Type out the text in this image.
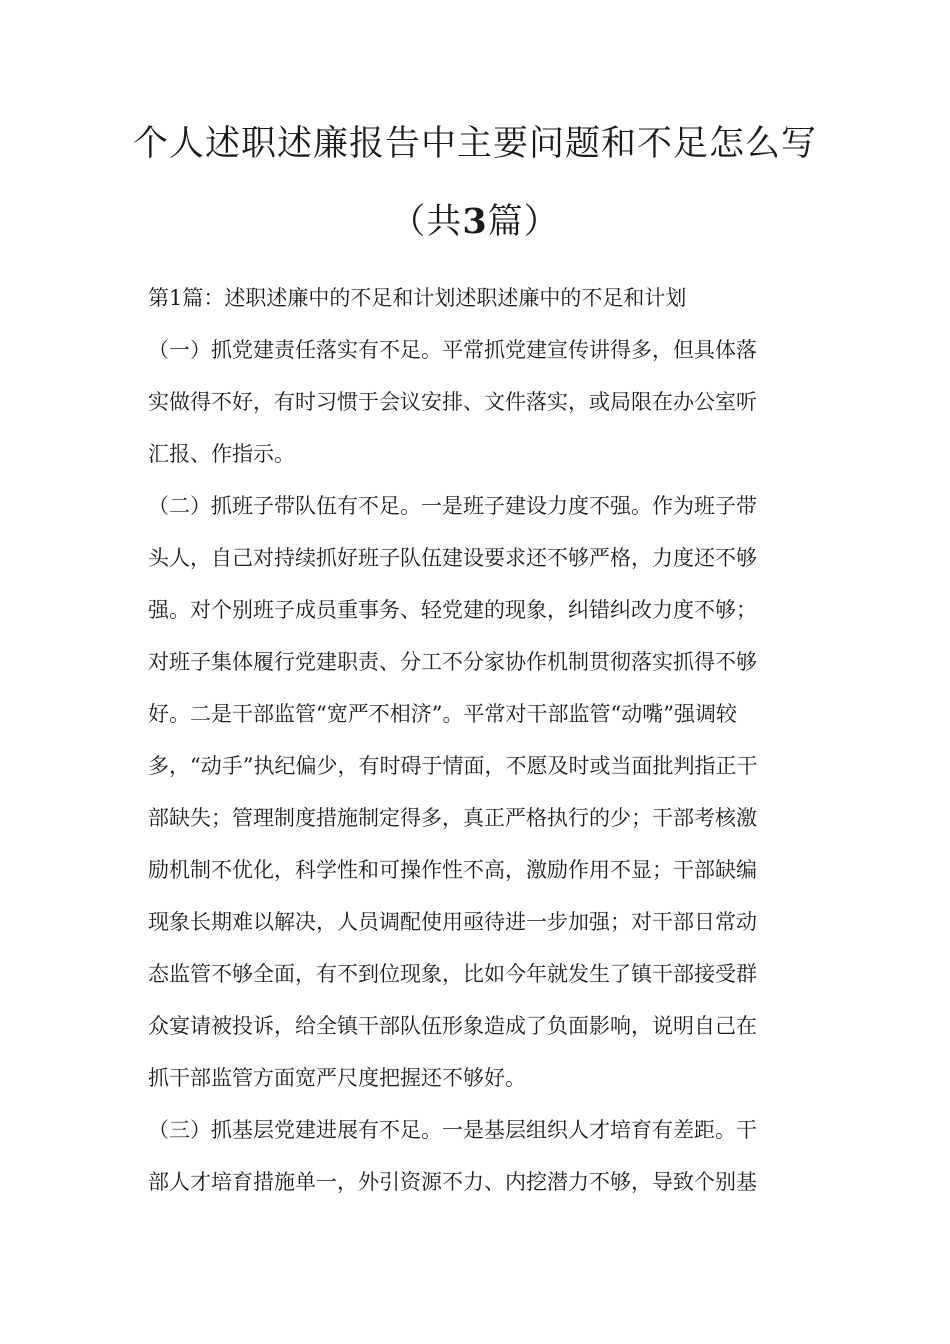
个人述职述廉报告中主要问题和不足怎么写
（共3篇）
第1篇：述职述廉中的不足和计划述职述廉中的不足和计划
（一）抓党建责任落实有不足。平常抓党建宣传讲得多，但具体落
实做得不好，有时习惯于会议安排、文件落实，或局限在办公室听
汇报、作指示。
（二）抓班子带队伍有不足。一是班子建设力度不强。作为班子带
头人，自己对持续抓好班子队伍建设要求还不够严格，力度还不够
强。对个别班子成员重事务、轻党建的现象，纠错纠改力度不够；
对班子集体履行党建职责、分工不分家协作机制贯彻落实抓得不够
好。二是干部监管“宽严不相济”。平常对干部监管“动嘴”强调较
多，“动手”执纪偏少，有时碍于情面，不愿及时或当面批判指正干
部缺失；管理制度措施制定得多，真正严格执行的少；干部考核激
励机制不优化，科学性和可操作性不高，激励作用不显；干部缺编
现象长期难以解决，人员调配使用亟待进一步加强；对干部日常动
态监管不够全面，有不到位现象，比如今年就发生了镇干部接受群
众宴请被投诉，给全镇干部队伍形象造成了负面影响，说明自己在
抓干部监管方面宽严尺度把握还不够好。
（三）抓基层党建进展有不足。一是基层组织人才培育有差距。干
部人才培育措施单一，外引资源不力、内挖潜力不够，导致个别基
